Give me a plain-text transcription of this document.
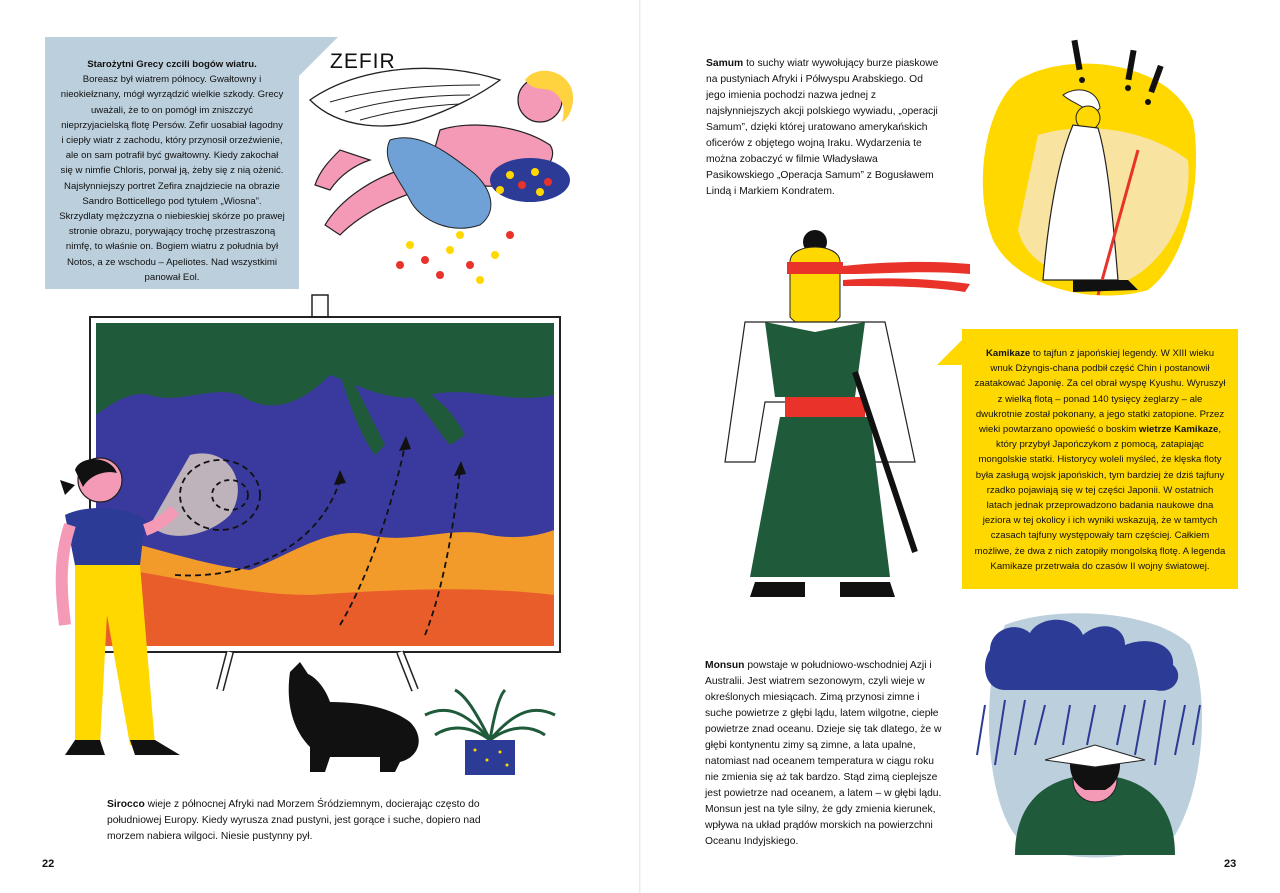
Starożytni Grecy czcili bogów wiatru.

Boreasz był wiatrem północy. Gwałtowny i nieokiełznany, mógł wyrządzić wielkie szkody. Grecy uważali, że to on pomógł im zniszczyć nieprzyjacielską flotę Persów. Zefir uosabiał łagodny i ciepły wiatr z zachodu, który przynosił orzeźwienie, ale on sam potrafił być gwałtowny. Kiedy zakochał się w nimfie Chloris, porwał ją, żeby się z nią ożenić. Najsłynniejszy portret Zefira znajdziecie na obrazie Sandro Botticellego pod tytułem „Wiosna”. Skrzydlaty mężczyzna o niebieskiej skórze po prawej stronie obrazu, porywający trochę przestraszoną nimfę, to właśnie on. Bogiem wiatru z południa był Notos, a ze wschodu – Apeliotes. Nad wszystkimi panował Eol.

ZEFIR
Sirocco wieje z północnej Afryki nad Morzem Śródziemnym, docierając często do południowej Europy. Kiedy wyrusza znad pustyni, jest gorące i suche, dopiero nad morzem nabiera wilgoci. Niesie pustynny pył.
22
Samum to suchy wiatr wywołujący burze piaskowe na pustyniach Afryki i Półwyspu Arabskiego. Od jego imienia pochodzi nazwa jednej z najsłynniejszych akcji polskiego wywiadu, „operacji Samum”, dzięki której uratowano amerykańskich oficerów z objętego wojną Iraku. Wydarzenia te można zobaczyć w filmie Władysława Pasikowskiego „Operacja Samum” z Bogusławem Lindą i Markiem Kondratem.
Kamikaze to tajfun z japońskiej legendy. W XIII wieku wnuk Dżyngis-chana podbił część Chin i postanowił zaatakować Japonię. Za cel obrał wyspę Kyushu. Wyruszył z wielką flotą – ponad 140 tysięcy żeglarzy – ale dwukrotnie został pokonany, a jego statki zatopione. Przez wieki powtarzano opowieść o boskim wietrze Kamikaze, który przybył Japończykom z pomocą, zatapiając mongolskie statki. Historycy woleli myśleć, że klęska floty była zasługą wojsk japońskich, tym bardziej że dziś tajfuny rzadko pojawiają się w tej części Japonii. W ostatnich latach jednak przeprowadzono badania naukowe dna jeziora w tej okolicy i ich wyniki wskazują, że w tamtych czasach tajfuny występowały tam częściej. Całkiem możliwe, że dwa z nich zatopiły mongolską flotę. A legenda Kamikaze przetrwała do czasów II wojny światowej.
Monsun powstaje w południowo-wschodniej Azji i Australii. Jest wiatrem sezonowym, czyli wieje w określonych miesiącach. Zimą przynosi zimne i suche powietrze z głębi lądu, latem wilgotne, ciepłe powietrze znad oceanu. Dzieje się tak dlatego, że w głębi kontynentu zimy są zimne, a lata upalne, natomiast nad oceanem temperatura w ciągu roku nie zmienia się aż tak bardzo. Stąd zimą cieplejsze jest powietrze nad oceanem, a latem – w głębi lądu. Monsun jest na tyle silny, że gdy zmienia kierunek, wpływa na układ prądów morskich na powierzchni Oceanu Indyjskiego.
23
